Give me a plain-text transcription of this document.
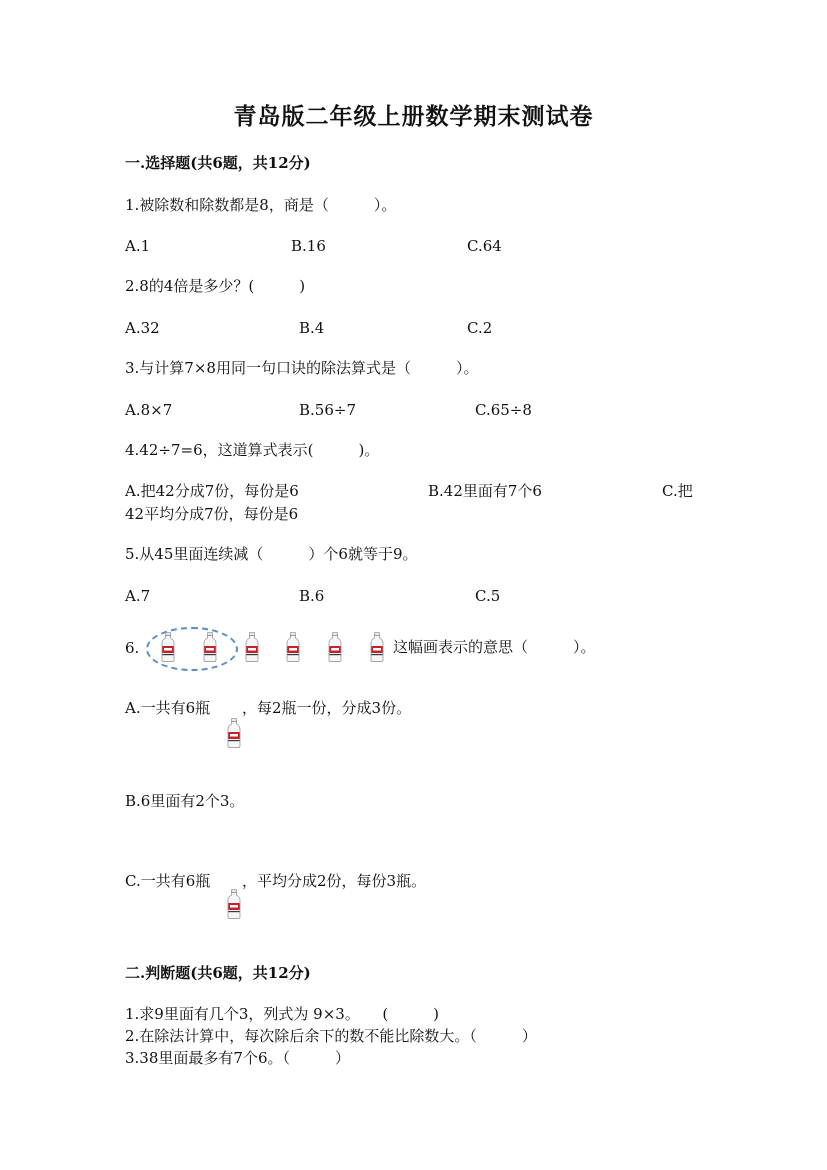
青岛版二年级上册数学期末测试卷
一.选择题(共6题，共12分)
1.被除数和除数都是8，商是（　　　）。
A.1	B.16	C.64
2.8的4倍是多少？(　　　)
A.32	B.4	C.2
3.与计算7×8用同一句口诀的除法算式是（　　　）。
A.8×7	B.56÷7	C.65÷8
4.42÷7=6，这道算式表示(　　　)。
A.把42分成7份，每份是6	B.42里面有7个6	C.把
42平均分成7份，每份是6
5.从45里面连续减（　　　）个6就等于9。
A.7	B.6	C.5
6.	这幅画表示的意思（　　　）。
A.一共有6瓶 ，每2瓶一份，分成3份。
B.6里面有2个3。
C.一共有6瓶 ，平均分成2份，每份3瓶。
二.判断题(共6题，共12分)
1.求9里面有几个3，列式为 9×3。　　(　　　)
2.在除法计算中，每次除后余下的数不能比除数大。（　　　）
3.38里面最多有7个6。（　　　）
